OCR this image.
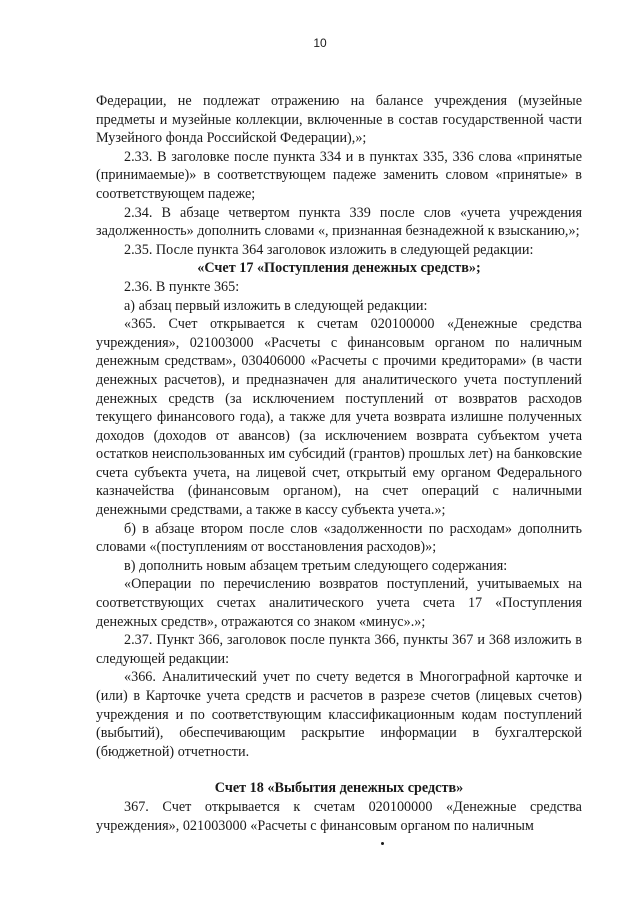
10

Федерации, не подлежат отражению на балансе учреждения (музейные предметы и музейные коллекции, включенные в состав государственной части Музейного фонда Российской Федерации),»;

2.33. В заголовке после пункта 334 и в пунктах 335, 336 слова «принятые (принимаемые)» в соответствующем падеже заменить словом «принятые» в соответствующем падеже;

2.34. В абзаце четвертом пункта 339 после слов «учета учреждения задолженность» дополнить словами «, признанная безнадежной к взысканию,»;

2.35. После пункта 364 заголовок изложить в следующей редакции:

«Счет 17 «Поступления денежных средств»;

2.36. В пункте 365:

а) абзац первый изложить в следующей редакции:

«365. Счет открывается к счетам 020100000 «Денежные средства учреждения», 021003000 «Расчеты с финансовым органом по наличным денежным средствам», 030406000 «Расчеты с прочими кредиторами» (в части денежных расчетов), и предназначен для аналитического учета поступлений денежных средств (за исключением поступлений от возвратов расходов текущего финансового года), а также для учета возврата излишне полученных доходов (доходов от авансов) (за исключением возврата субъектом учета остатков неиспользованных им субсидий (грантов) прошлых лет) на банковские счета субъекта учета, на лицевой счет, открытый ему органом Федерального казначейства (финансовым органом), на счет операций с наличными денежными средствами, а также в кассу субъекта учета.»;

б) в абзаце втором после слов «задолженности по расходам» дополнить словами «(поступлениям от восстановления расходов)»;

в) дополнить новым абзацем третьим следующего содержания:

«Операции по перечислению возвратов поступлений, учитываемых на соответствующих счетах аналитического учета счета 17 «Поступления денежных средств», отражаются со знаком «минус».»;

2.37. Пункт 366, заголовок после пункта 366, пункты 367 и 368 изложить в следующей редакции:

«366. Аналитический учет по счету ведется в Многографной карточке и (или) в Карточке учета средств и расчетов в разрезе счетов (лицевых счетов) учреждения и по соответствующим классификационным кодам поступлений (выбытий), обеспечивающим раскрытие информации в бухгалтерской (бюджетной) отчетности.

Счет 18 «Выбытия денежных средств»

367. Счет открывается к счетам 020100000 «Денежные средства учреждения», 021003000 «Расчеты с финансовым органом по наличным
